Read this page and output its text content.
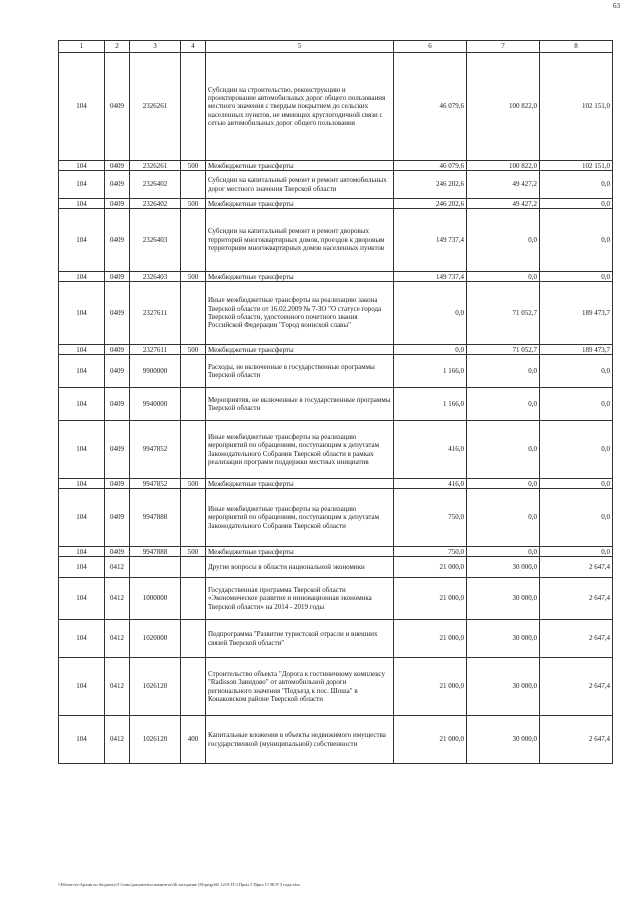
63
1	2	3	4	5	6	7	8
104	0409	2326261		Субсидии на строительство, реконструкцию и проектирование автомобильных дорог общего пользования местного значения с твердым покрытием до сельских населенных пунктов, не имеющих круглогодичной связи с сетью автомобильных дорог общего пользования	46 079,6	100 822,0	102 151,0
104	0409	2326261	500	Межбюджетные трансферты	46 079,6	100 822,0	102 151,0
104	0409	2326402		Субсидии на капитальный ремонт и ремонт автомобильных дорог местного значения Тверской области	246 202,6	49 427,2	0,0
104	0409	2326402	500	Межбюджетные трансферты	246 202,6	49 427,2	0,0
104	0409	2326403		Субсидии на капитальный ремонт и ремонт дворовых территорий многоквартирных домов, проездов к дворовым территориям многоквартирных домов населенных пунктов	149 737,4	0,0	0,0
104	0409	2326403	500	Межбюджетные трансферты	149 737,4	0,0	0,0
104	0409	2327611		Иные межбюджетные трансферты на реализацию закона Тверской области от 16.02.2009 № 7-ЗО "О статусе города Тверской области, удостоенного почетного звания Российской Федерации "Город воинской славы"	0,0	71 052,7	189 473,7
104	0409	2327611	500	Межбюджетные трансферты	0,0	71 052,7	189 473,7
104	0409	9900000		Расходы, не включенные в государственные программы Тверской области	1 166,0	0,0	0,0
104	0409	9940000		Мероприятия, не включенные в государственные программы Тверской области	1 166,0	0,0	0,0
104	0409	9947852		Иные межбюджетные трансферты на реализацию мероприятий по обращениям, поступающим к депутатам Законодательного Собрания Тверской области в рамках реализации программ поддержки местных инициатив	416,0	0,0	0,0
104	0409	9947852	500	Межбюджетные трансферты	416,0	0,0	0,0
104	0409	9947888		Иные межбюджетные трансферты на реализацию мероприятий по обращениям, поступающим к депутатам Законодательного Собрания Тверской области	750,0	0,0	0,0
104	0409	9947888	500	Межбюджетные трансферты	750,0	0,0	0,0
104	0412			Другие вопросы в области национальной экономики	21 000,0	30 000,0	2 647,4
104	0412	1000000		Государственная программа Тверской области «Экономическое развитие и инновационная экономика Тверской области» на 2014 - 2019 годы	21 000,0	30 000,0	2 647,4
104	0412	1020000		Подпрограмма "Развитие туристской отрасли и внешних связей Тверской области"	21 000,0	30 000,0	2 647,4
104	0412	1026120		Строительство объекта "Дорога к гостиничному комплексу "Radisson Завидово" от автомобильной дороги регионального значения "Подъезд к пос. Шоша" в Конаковском районе Тверской области	21 000,0	30 000,0	2 647,4
104	0412	1026120	400	Капитальные вложения в объекты недвижимого имущества государственной (муниципальной) собственности	21 000,0	30 000,0	2 647,4
\\Fileserver\Архив по бюджету\5 Семь\документы комитета\46 заседание (9)\prigr46\ 1219-П-3 Прил 5 Прил 11 ВСР 3 года.xlsx
